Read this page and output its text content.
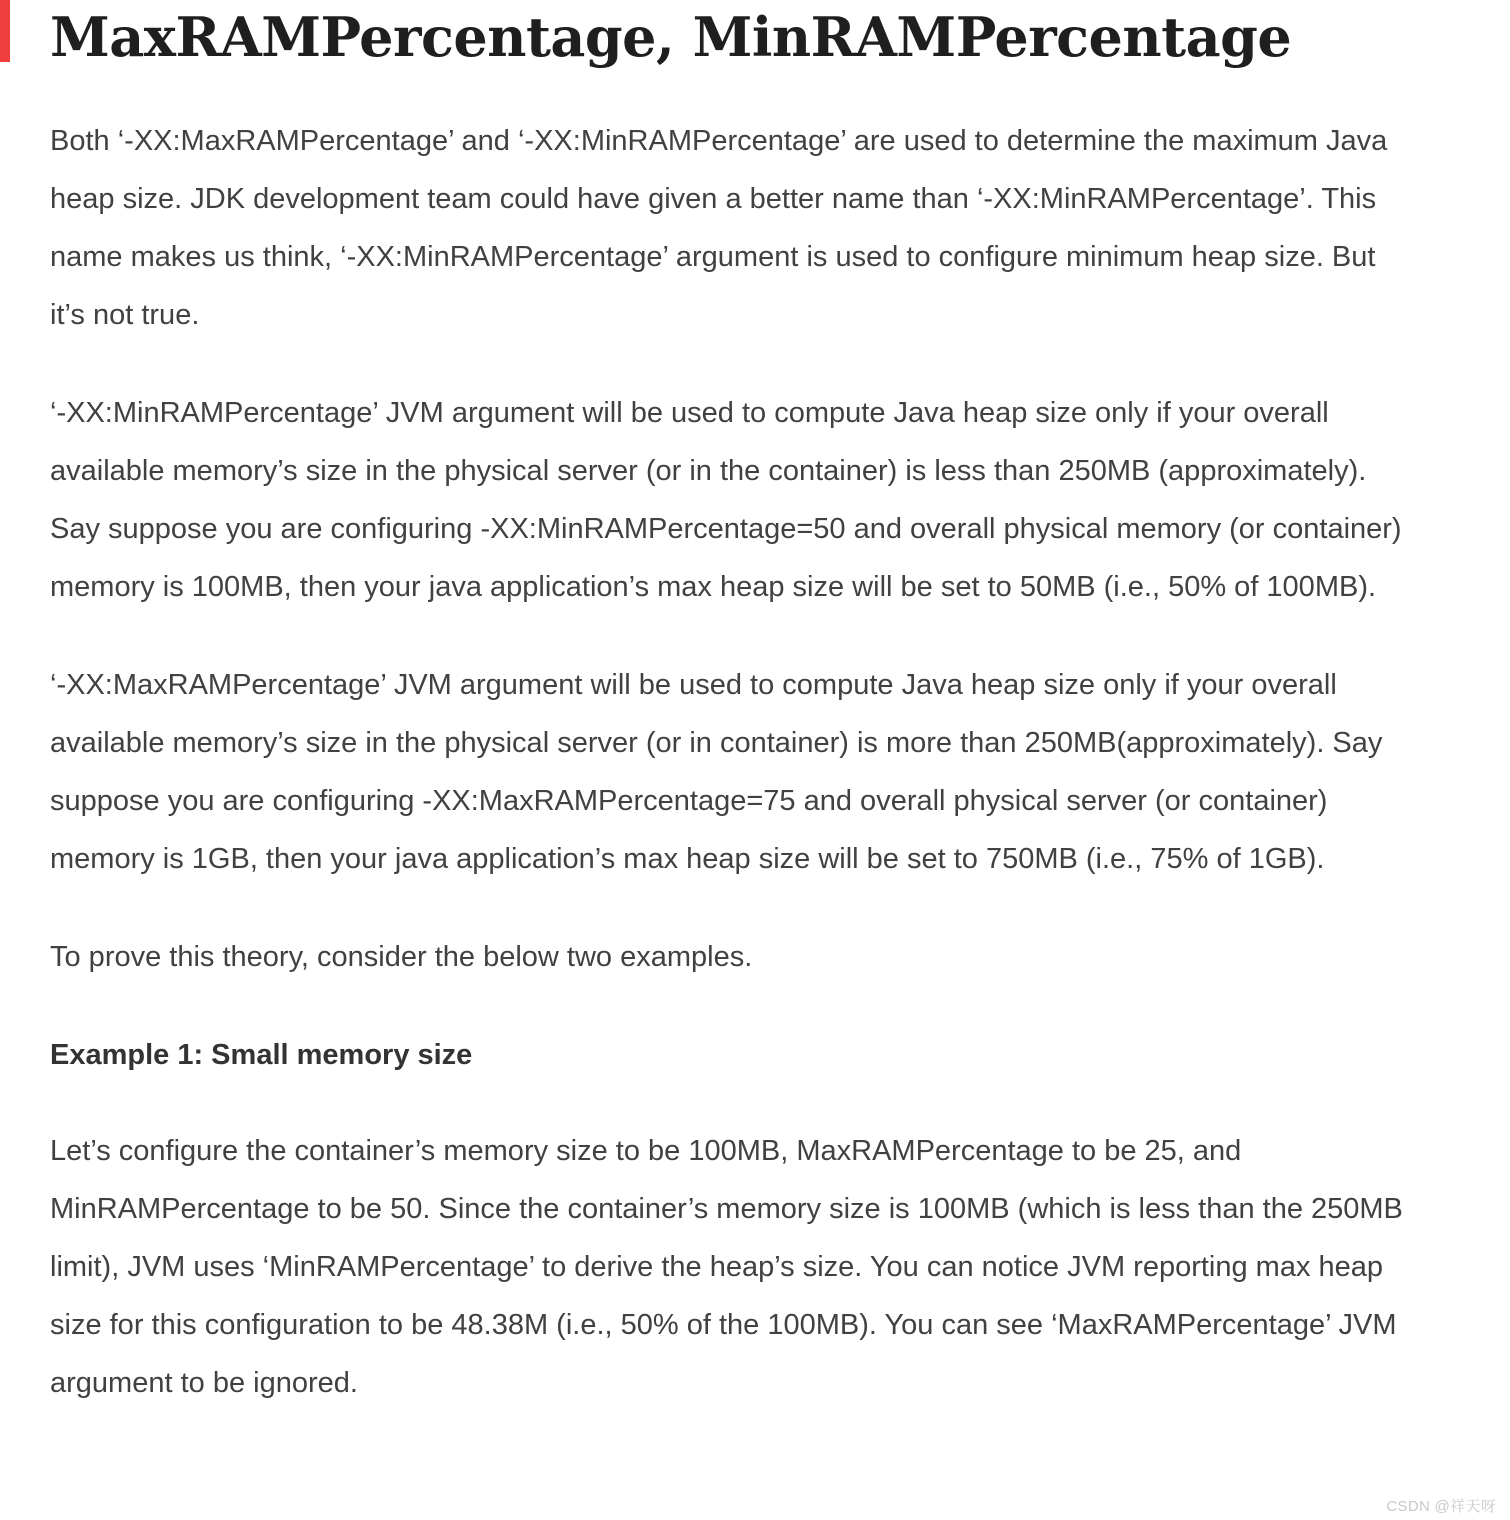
MaxRAMPercentage, MinRAMPercentage

Both ‘-XX:MaxRAMPercentage’ and ‘-XX:MinRAMPercentage’ are used to determine the maximum Java heap size. JDK development team could have given a better name than ‘-XX:MinRAMPercentage’. This name makes us think, ‘-XX:MinRAMPercentage’ argument is used to configure minimum heap size. But it’s not true.

‘-XX:MinRAMPercentage’ JVM argument will be used to compute Java heap size only if your overall available memory’s size in the physical server (or in the container) is less than 250MB (approximately). Say suppose you are configuring -XX:MinRAMPercentage=50 and overall physical memory (or container) memory is 100MB, then your java application’s max heap size will be set to 50MB (i.e., 50% of 100MB).

‘-XX:MaxRAMPercentage’ JVM argument will be used to compute Java heap size only if your overall available memory’s size in the physical server (or in container) is more than 250MB(approximately). Say suppose you are configuring -XX:MaxRAMPercentage=75 and overall physical server (or container) memory is 1GB, then your java application’s max heap size will be set to 750MB (i.e., 75% of 1GB).

To prove this theory, consider the below two examples.

Example 1: Small memory size

Let’s configure the container’s memory size to be 100MB, MaxRAMPercentage to be 25, and MinRAMPercentage to be 50. Since the container’s memory size is 100MB (which is less than the 250MB limit), JVM uses ‘MinRAMPercentage’ to derive the heap’s size. You can notice JVM reporting max heap size for this configuration to be 48.38M (i.e., 50% of the 100MB). You can see ‘MaxRAMPercentage’ JVM argument to be ignored.

CSDN @祥天呀
